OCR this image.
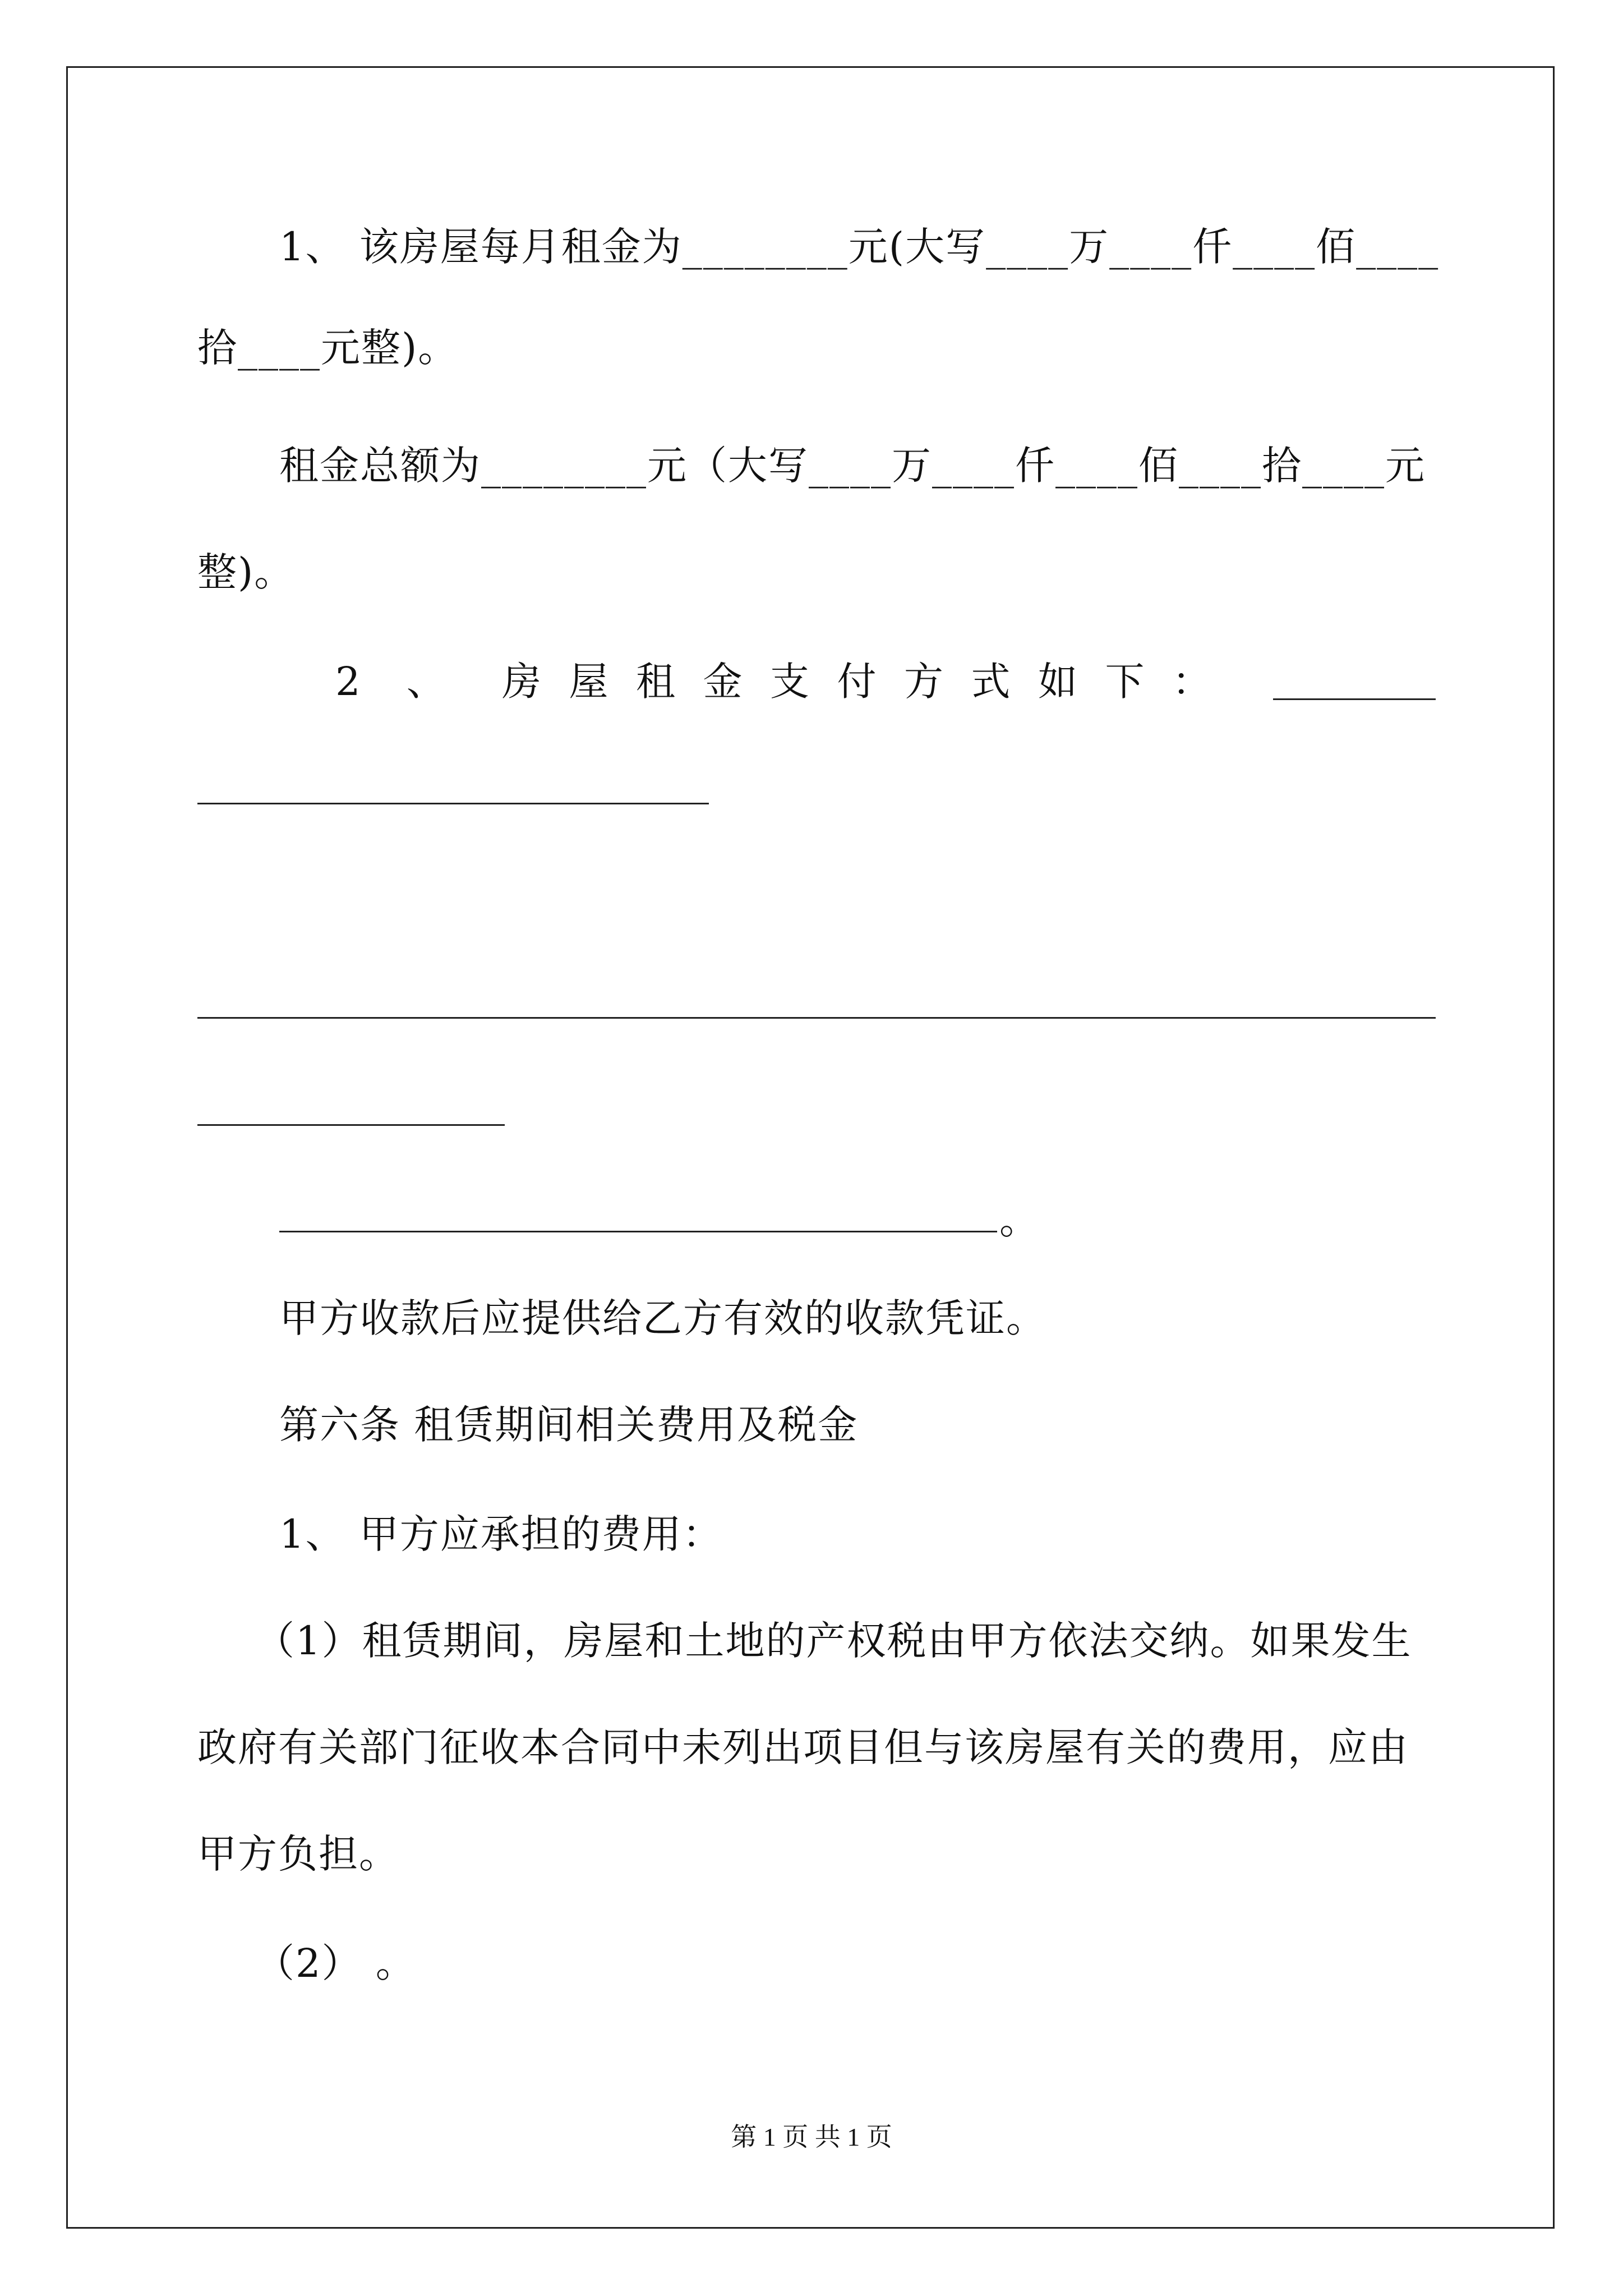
1、 该房屋每月租金为________元(大写____万____仟____佰____
拾____元整)。
租金总额为________元（大写____万____仟____佰____拾____元
整)。
2 、 房 屋 租 金 支 付 方 式 如 下 ：
。
甲方收款后应提供给乙方有效的收款凭证。
第六条 租赁期间相关费用及税金
1、 甲方应承担的费用：
（1）租赁期间，房屋和土地的产权税由甲方依法交纳。如果发生
政府有关部门征收本合同中未列出项目但与该房屋有关的费用，应由
甲方负担。
（2） 。
第 1 页 共 1 页
